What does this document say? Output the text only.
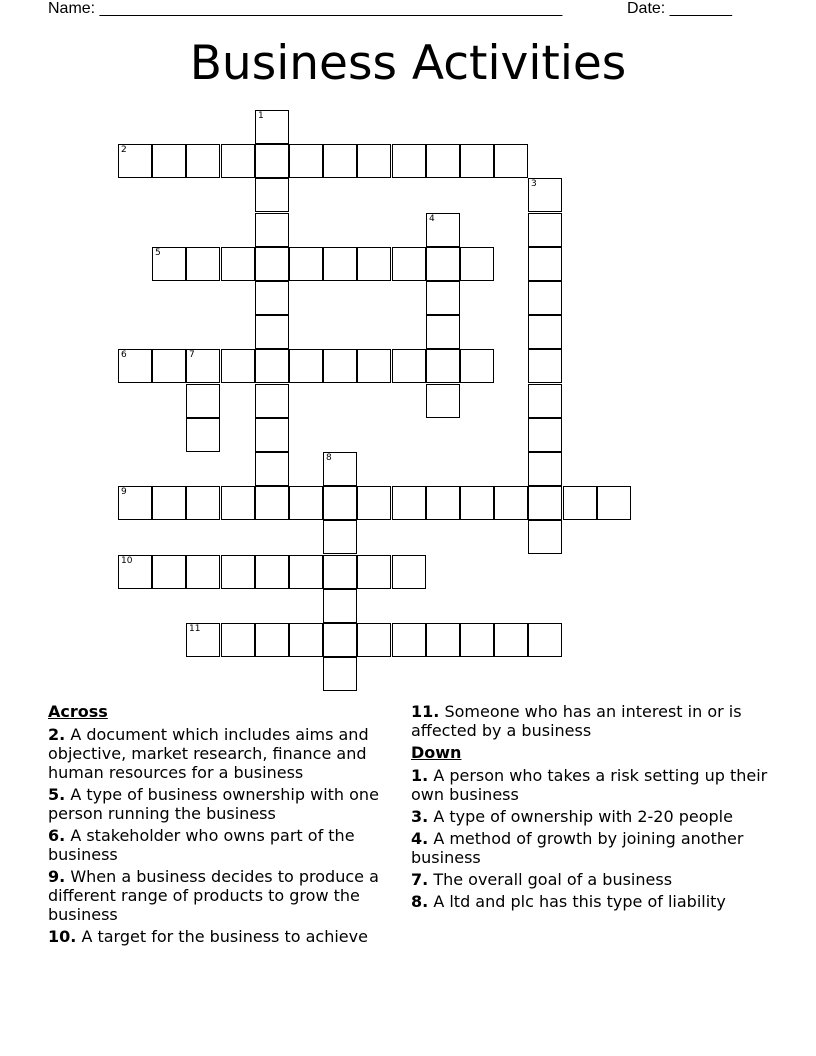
Name: ____________________________________________________	Date: _______
Business Activities
1
2
3
4
5
6	7
8
9
10
11
Across
2. A document which includes aims and objective, market research, finance and human resources for a business
5. A type of business ownership with one person running the business
6. A stakeholder who owns part of the business
9. When a business decides to produce a different range of products to grow the business
10. A target for the business to achieve
11. Someone who has an interest in or is affected by a business
Down
1. A person who takes a risk setting up their own business
3. A type of ownership with 2-20 people
4. A method of growth by joining another business
7. The overall goal of a business
8. A ltd and plc has this type of liability
